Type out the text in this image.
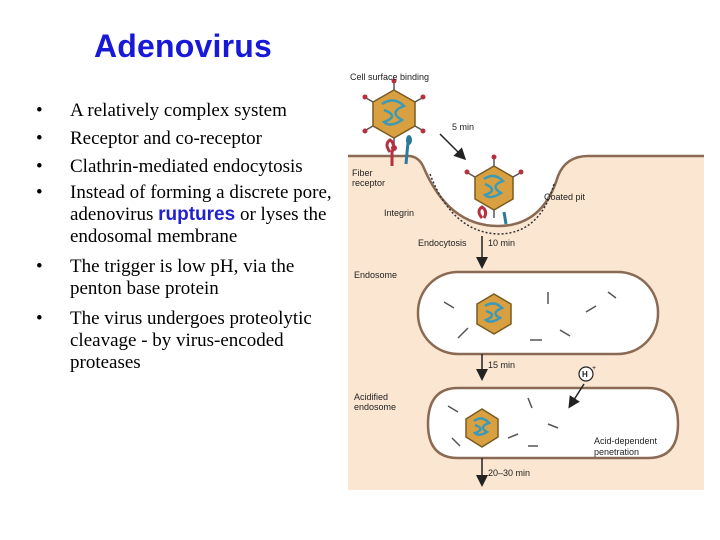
Adenovirus
• A relatively complex system
• Receptor and co-receptor
• Clathrin-mediated endocytosis
• Instead of forming a discrete pore, adenovirus ruptures or lyses the endosomal membrane
• The trigger is low pH, via the penton base protein
• The virus undergoes proteolytic cleavage - by virus-encoded proteases
Cell surface binding
5 min
Fiber
receptor
Integrin
Coated pit
Endocytosis 10 min
Endosome
15 min
Acidified
endosome
H
+
Acid-dependent
penetration
20–30 min
